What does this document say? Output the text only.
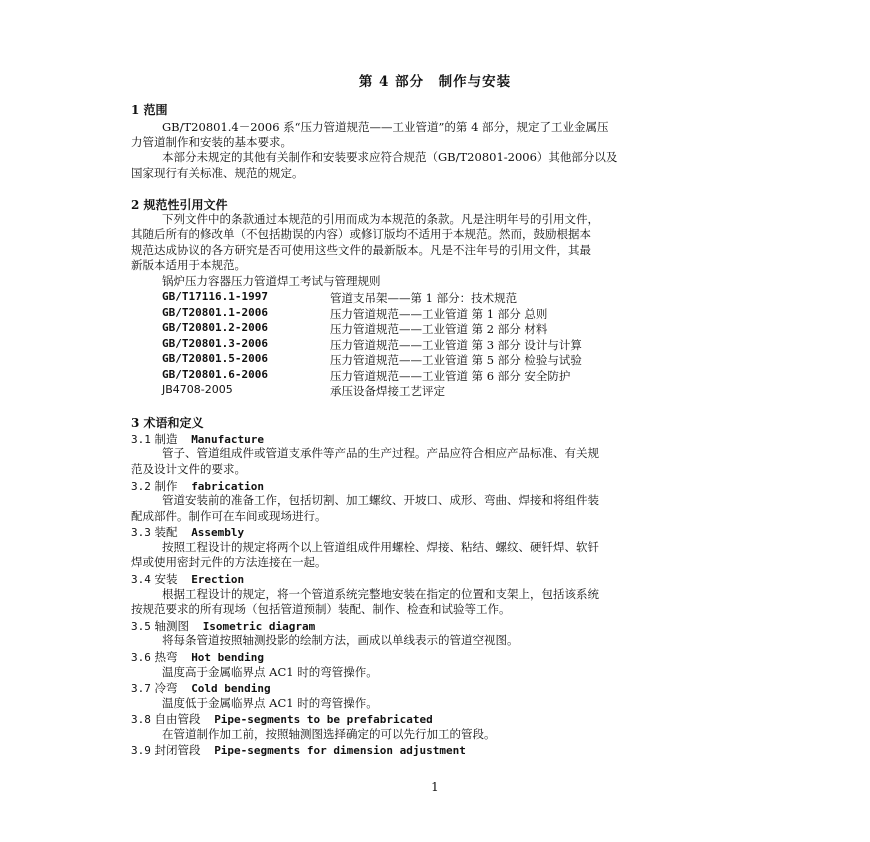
第 4 部分　制作与安装
1 范围
GB/T20801.4－2006 系“压力管道规范——工业管道”的第 4 部分，规定了工业金属压
力管道制作和安装的基本要求。
本部分未规定的其他有关制作和安装要求应符合规范（GB/T20801-2006）其他部分以及
国家现行有关标准、规范的规定。
2 规范性引用文件
下列文件中的条款通过本规范的引用而成为本规范的条款。凡是注明年号的引用文件，
其随后所有的修改单（不包括勘误的内容）或修订版均不适用于本规范。然而，鼓励根据本
规范达成协议的各方研究是否可使用这些文件的最新版本。凡是不注年号的引用文件，其最
新版本适用于本规范。
锅炉压力容器压力管道焊工考试与管理规则
GB/T17116.1-1997	管道支吊架——第 1 部分：技术规范
GB/T20801.1-2006	压力管道规范——工业管道 第 1 部分 总则
GB/T20801.2-2006	压力管道规范——工业管道 第 2 部分 材料
GB/T20801.3-2006	压力管道规范——工业管道 第 3 部分 设计与计算
GB/T20801.5-2006	压力管道规范——工业管道 第 5 部分 检验与试验
GB/T20801.6-2006	压力管道规范——工业管道 第 6 部分 安全防护
JB4708-2005	承压设备焊接工艺评定
3 术语和定义
3.1 制造 Manufacture
管子、管道组成件或管道支承件等产品的生产过程。产品应符合相应产品标准、有关规
范及设计文件的要求。
3.2 制作 fabrication
管道安装前的准备工作，包括切割、加工螺纹、开坡口、成形、弯曲、焊接和将组件装
配成部件。制作可在车间或现场进行。
3.3 装配 Assembly
按照工程设计的规定将两个以上管道组成件用螺栓、焊接、粘结、螺纹、硬钎焊、软钎
焊或使用密封元件的方法连接在一起。
3.4 安装 Erection
根据工程设计的规定，将一个管道系统完整地安装在指定的位置和支架上，包括该系统
按规范要求的所有现场（包括管道预制）装配、制作、检查和试验等工作。
3.5 轴测图 Isometric diagram
将每条管道按照轴测投影的绘制方法，画成以单线表示的管道空视图。
3.6 热弯 Hot bending
温度高于金属临界点 AC1 时的弯管操作。
3.7 冷弯 Cold bending
温度低于金属临界点 AC1 时的弯管操作。
3.8 自由管段 Pipe-segments to be prefabricated
在管道制作加工前，按照轴测图选择确定的可以先行加工的管段。
3.9 封闭管段 Pipe-segments for dimension adjustment
1
